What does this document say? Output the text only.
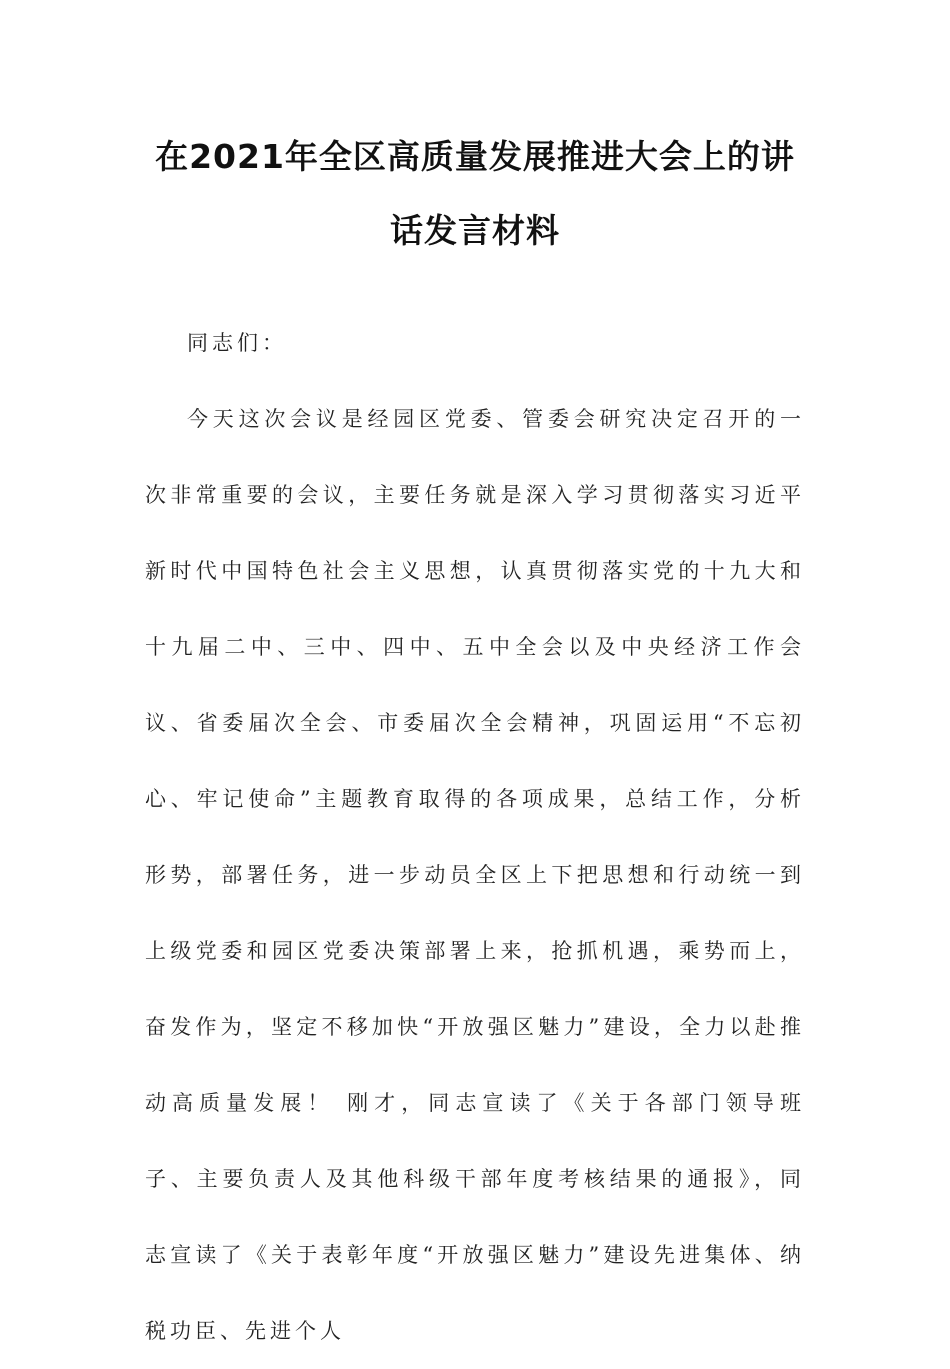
在2021年全区高质量发展推进大会上的讲话发言材料

同志们：

今天这次会议是经园区党委、管委会研究决定召开的一次非常重要的会议，主要任务就是深入学习贯彻落实习近平新时代中国特色社会主义思想，认真贯彻落实党的十九大和十九届二中、三中、四中、五中全会以及中央经济工作会议、省委届次全会、市委届次全会精神，巩固运用“不忘初心、牢记使命”主题教育取得的各项成果，总结工作，分析形势，部署任务，进一步动员全区上下把思想和行动统一到上级党委和园区党委决策部署上来，抢抓机遇，乘势而上，奋发作为，坚定不移加快“开放强区魅力”建设，全力以赴推动高质量发展！ 刚才，同志宣读了《关于各部门领导班子、主要负责人及其他科级干部年度考核结果的通报》，同志宣读了《关于表彰年度“开放强区魅力”建设先进集体、纳税功臣、先进个人
